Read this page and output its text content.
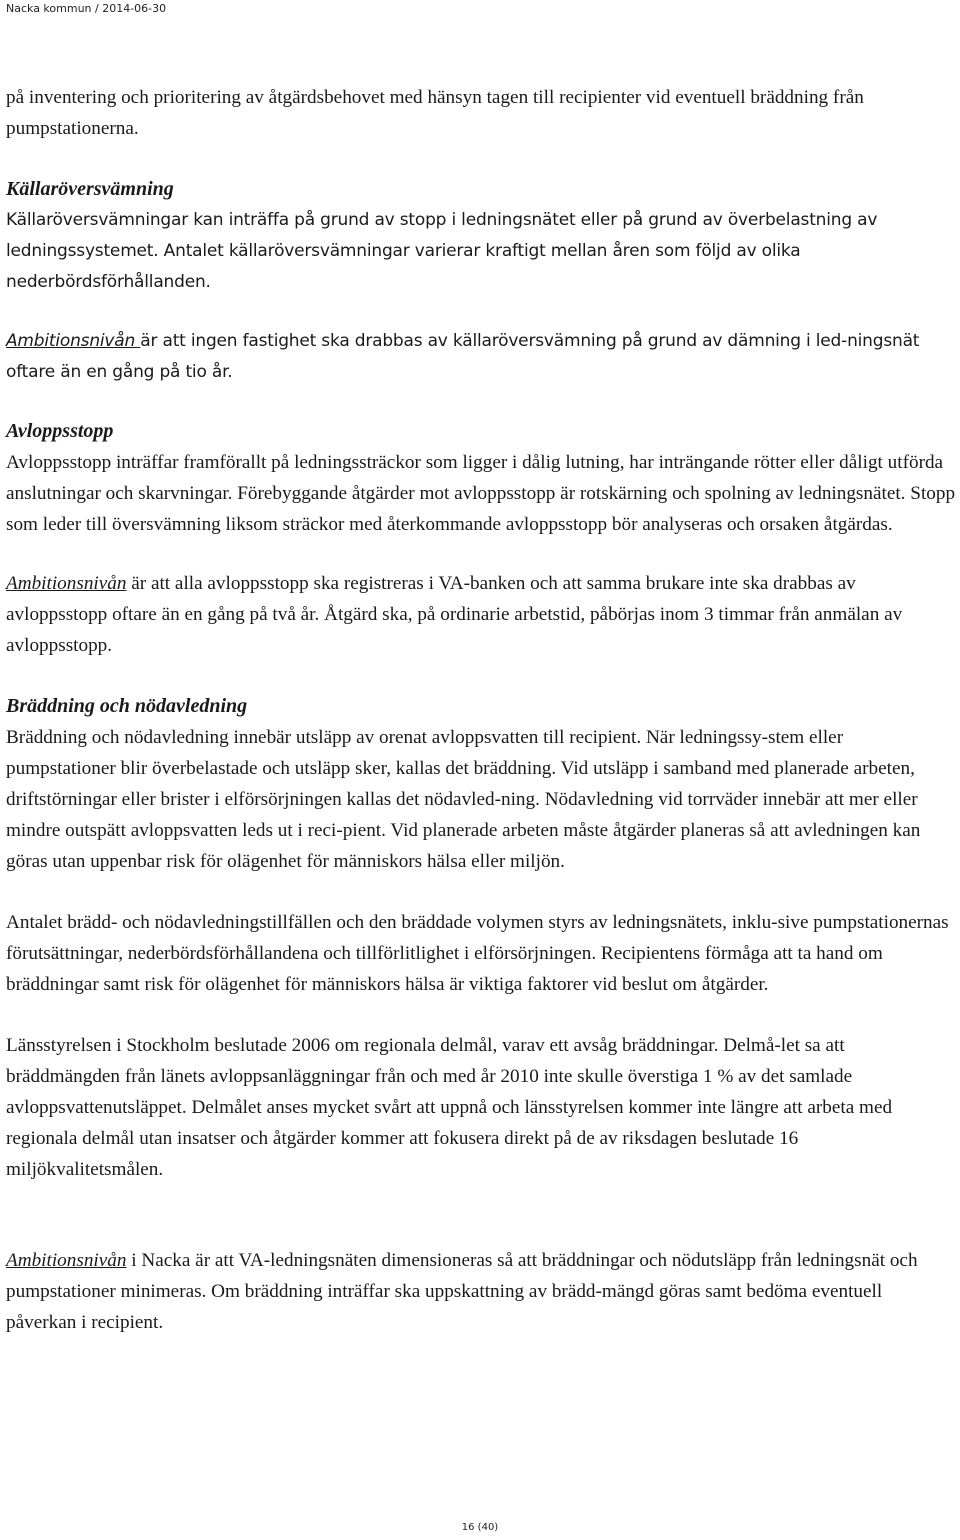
Nacka kommun / 2014-06-30

på inventering och prioritering av åtgärdsbehovet med hänsyn tagen till recipienter vid eventuell bräddning från pumpstationerna.

Källaröversvämning

Källaröversvämningar kan inträffa på grund av stopp i ledningsnätet eller på grund av överbelastning av ledningssystemet. Antalet källaröversvämningar varierar kraftigt mellan åren som följd av olika nederbördsförhållanden.

Ambitionsnivån är att ingen fastighet ska drabbas av källaröversvämning på grund av dämning i led-ningsnät oftare än en gång på tio år.

Avloppsstopp

Avloppsstopp inträffar framförallt på ledningssträckor som ligger i dålig lutning, har inträngande rötter eller dåligt utförda anslutningar och skarvningar. Förebyggande åtgärder mot avloppsstopp är rotskärning och spolning av ledningsnätet. Stopp som leder till översvämning liksom sträckor med återkommande avloppsstopp bör analyseras och orsaken åtgärdas.

Ambitionsnivån är att alla avloppsstopp ska registreras i VA-banken och att samma brukare inte ska drabbas av avloppsstopp oftare än en gång på två år. Åtgärd ska, på ordinarie arbetstid, påbörjas inom 3 timmar från anmälan av avloppsstopp.

Bräddning och nödavledning

Bräddning och nödavledning innebär utsläpp av orenat avloppsvatten till recipient. När ledningssy-stem eller pumpstationer blir överbelastade och utsläpp sker, kallas det bräddning. Vid utsläpp i samband med planerade arbeten, driftstörningar eller brister i elförsörjningen kallas det nödavled-ning. Nödavledning vid torrväder innebär att mer eller mindre outspätt avloppsvatten leds ut i reci-pient. Vid planerade arbeten måste åtgärder planeras så att avledningen kan göras utan uppenbar risk för olägenhet för människors hälsa eller miljön.

Antalet brädd- och nödavledningstillfällen och den bräddade volymen styrs av ledningsnätets, inklu-sive pumpstationernas förutsättningar, nederbördsförhållandena och tillförlitlighet i elförsörjningen. Recipientens förmåga att ta hand om bräddningar samt risk för olägenhet för människors hälsa är viktiga faktorer vid beslut om åtgärder.

Länsstyrelsen i Stockholm beslutade 2006 om regionala delmål, varav ett avsåg bräddningar. Delmå-let sa att bräddmängden från länets avloppsanläggningar från och med år 2010 inte skulle överstiga 1 % av det samlade avloppsvattenutsläppet. Delmålet anses mycket svårt att uppnå och länsstyrelsen kommer inte längre att arbeta med regionala delmål utan insatser och åtgärder kommer att fokusera direkt på de av riksdagen beslutade 16 miljökvalitetsmålen.

Ambitionsnivån i Nacka är att VA-ledningsnäten dimensioneras så att bräddningar och nödutsläpp från ledningsnät och pumpstationer minimeras. Om bräddning inträffar ska uppskattning av brädd-mängd göras samt bedöma eventuell påverkan i recipient.

16 (40)
